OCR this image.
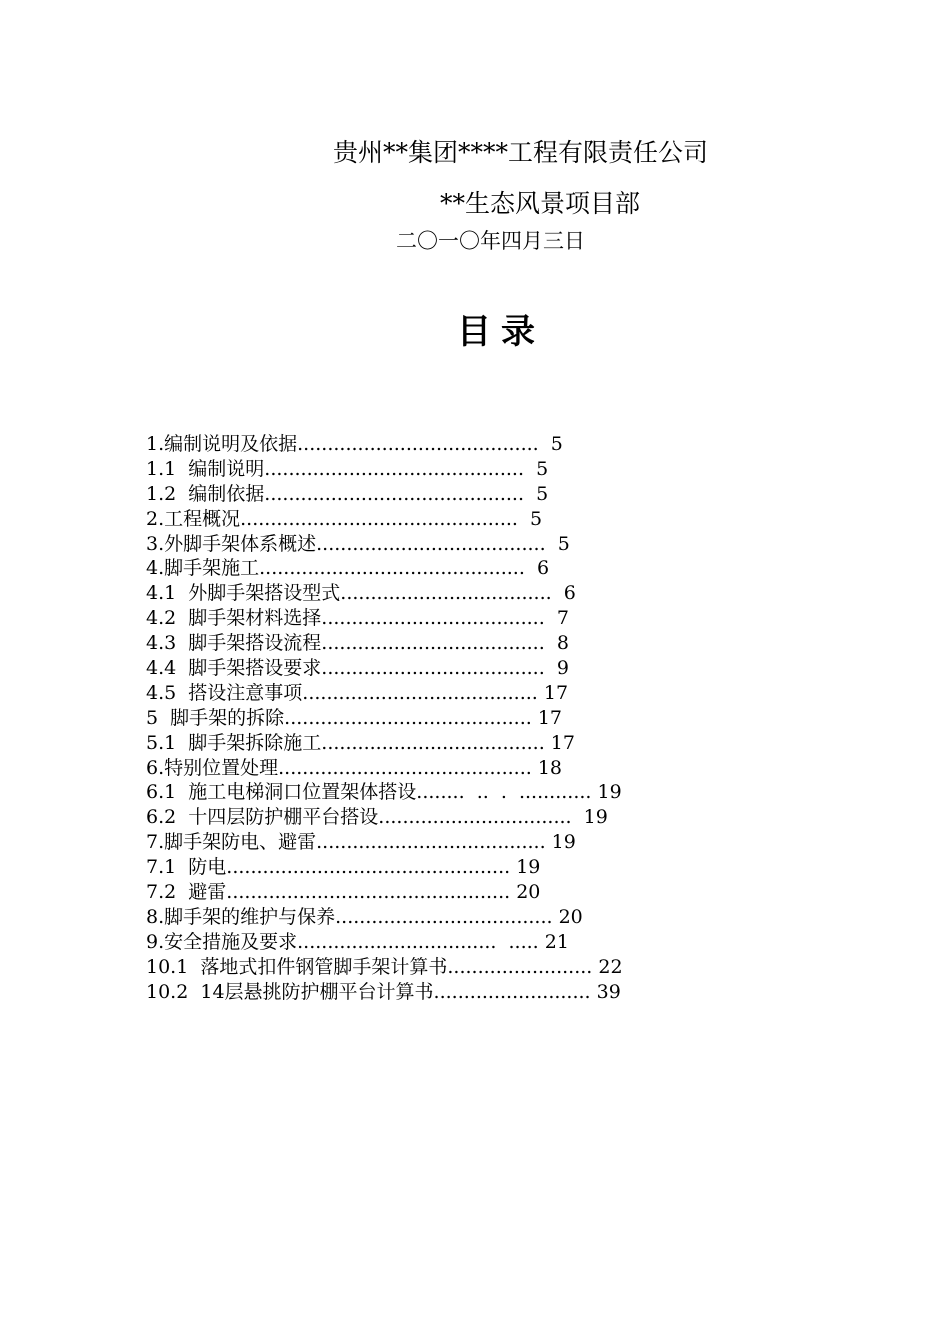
贵州**集团****工程有限责任公司
**生态风景项目部
二〇一〇年四月三日
目录
1.编制说明及依据........................................  5
1.1  编制说明...........................................  5
1.2  编制依据...........................................  5
2.工程概况..............................................  5
3.外脚手架体系概述......................................  5
4.脚手架施工............................................  6
4.1  外脚手架搭设型式...................................  6
4.2  脚手架材料选择.....................................  7
4.3  脚手架搭设流程.....................................  8
4.4  脚手架搭设要求.....................................  9
4.5  搭设注意事项....................................... 17
5  脚手架的拆除......................................... 17
5.1  脚手架拆除施工..................................... 17
6.特别位置处理.......................................... 18
6.1  施工电梯洞口位置架体搭设........  ..  .  ............ 19
6.2  十四层防护棚平台搭设................................  19
7.脚手架防电、避雷...................................... 19
7.1  防电............................................... 19
7.2  避雷............................................... 20
8.脚手架的维护与保养.................................... 20
9.安全措施及要求.................................  ..... 21
10.1  落地式扣件钢管脚手架计算书........................ 22
10.2  14层悬挑防护棚平台计算书.......................... 39
